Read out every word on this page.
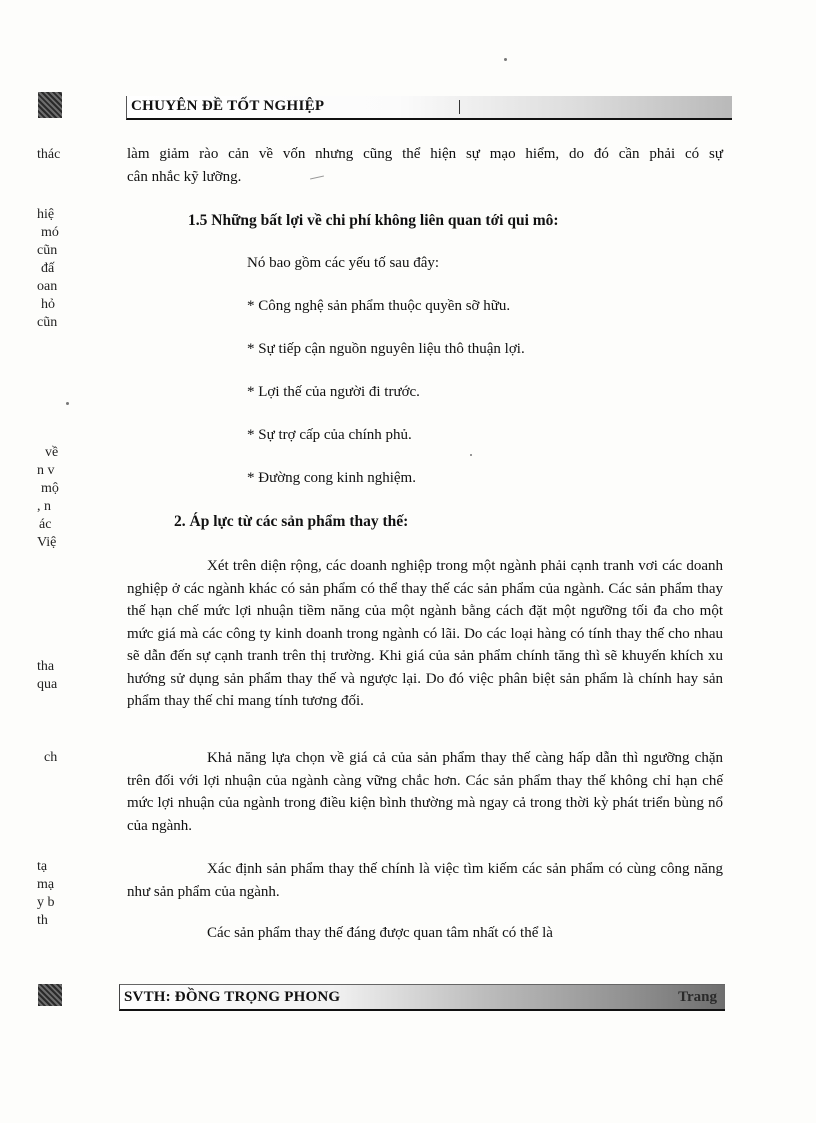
thác
hiệ
mó
cũn
đấ
oan
hỏ
cũn
về
n v
mộ
, n
ác
Việ
tha
qua
ch
tạ
mạ
y b
th
CHUYÊN ĐỀ TỐT NGHIỆP
làm giảm rào cản về vốn nhưng cũng thể hiện sự mạo hiểm, do đó cần phải có sự
cân nhắc kỹ lưỡng.
1.5 Những bất lợi về chi phí không liên quan tới qui mô:
Nó bao gồm các yếu tố sau đây:
* Công nghệ sản phẩm thuộc quyền sỡ hữu.
* Sự tiếp cận nguồn nguyên liệu thô thuận lợi.
* Lợi thế của người đi trước.
* Sự trợ cấp của chính phủ.
* Đường cong kinh nghiệm.
2. Áp lực từ các sản phẩm thay thế:
Xét trên diện rộng, các doanh nghiệp trong một ngành phải cạnh tranh vơi các doanh nghiệp ở các ngành khác có sản phẩm có thể thay thế các sản phẩm của ngành. Các sản phẩm thay thế hạn chế mức lợi nhuận tiềm năng của một ngành bằng cách đặt một ngưỡng tối đa cho một mức giá mà các công ty kinh doanh trong ngành có lãi. Do các loại hàng có tính thay thế cho nhau sẽ dẫn đến sự cạnh tranh trên thị trường. Khi giá của sản phẩm chính tăng thì sẽ khuyến khích xu hướng sử dụng sản phẩm thay thế và ngược lại. Do đó việc phân biệt sản phẩm là chính hay sản phẩm thay thế chỉ mang tính tương đối.
Khả năng lựa chọn về giá cả của sản phẩm thay thế càng hấp dẫn thì ngưỡng chặn trên đối với lợi nhuận của ngành càng vững chắc hơn. Các sản phẩm thay thế không chỉ hạn chế mức lợi nhuận của ngành trong điều kiện bình thường mà ngay cả trong thời kỳ phát triển bùng nổ của ngành.
Xác định sản phẩm thay thế chính là việc tìm kiếm các sản phẩm có cùng công năng như sản phẩm của ngành.
Các sản phẩm thay thế đáng được quan tâm nhất có thể là
SVTH: ĐỒNG TRỌNG PHONG	Trang
